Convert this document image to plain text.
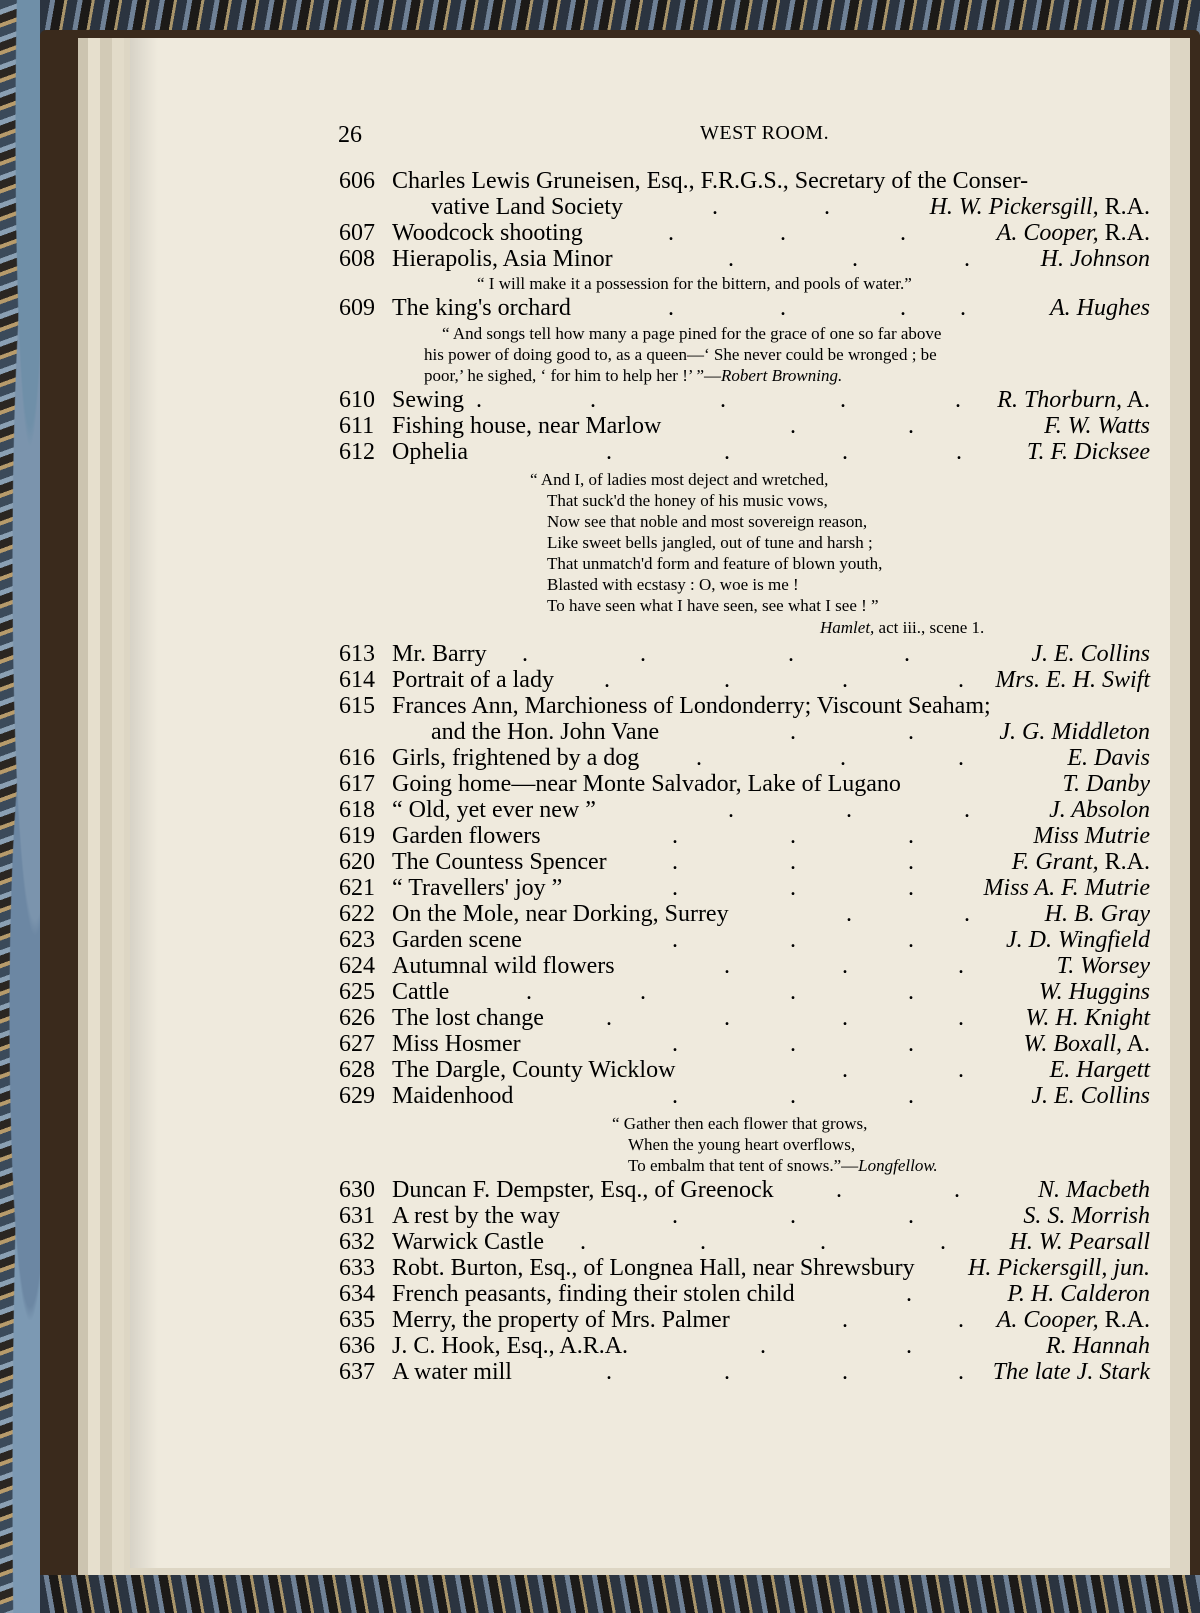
26	WEST ROOM.
606 Charles Lewis Gruneisen, Esq., F.R.G.S., Secretary of the Conser-
.	.
vative Land Society	H. W. Pickersgill, R.A.
.	.	.
607 Woodcock shooting	A. Cooper, R.A.
.	.	.
608 Hierapolis, Asia Minor	H. Johnson
“ I will make it a possession for the bittern, and pools of water.”
.	.	. .
609 The king's orchard	A. Hughes
“ And songs tell how many a page pined for the grace of one so far above
his power of doing good to, as a queen—‘ She never could be wronged ; be
poor,’ he sighed, ‘ for him to help her !’ ”—Robert Browning.
.	.	.	.	.
610 Sewing	R. Thorburn, A.
.	.
611 Fishing house, near Marlow	F. W. Watts
.	.	.	.
612 Ophelia	T. F. Dicksee
“ And I, of ladies most deject and wretched,
That suck'd the honey of his music vows,
Now see that noble and most sovereign reason,
Like sweet bells jangled, out of tune and harsh ;
That unmatch'd form and feature of blown youth,
Blasted with ecstasy : O, woe is me !
To have seen what I have seen, see what I see ! ”
Hamlet, act iii., scene 1.
.	.	.	.
613 Mr. Barry	J. E. Collins
.	.	.	.
614 Portrait of a lady	Mrs. E. H. Swift
615 Frances Ann, Marchioness of Londonderry; Viscount Seaham;
.	.
and the Hon. John Vane	J. G. Middleton
.	.	.
616 Girls, frightened by a dog	E. Davis
617 Going home—near Monte Salvador, Lake of Lugano	T. Danby
.	.	.
618 “ Old, yet ever new ”	J. Absolon
.	.	.
619 Garden flowers	Miss Mutrie
.	.	.
620 The Countess Spencer	F. Grant, R.A.
.	.	.
621 “ Travellers' joy ”	Miss A. F. Mutrie
.	.
622 On the Mole, near Dorking, Surrey	H. B. Gray
.	.	.
623 Garden scene	J. D. Wingfield
.	.	.
624 Autumnal wild flowers	T. Worsey
.	.	.	.
625 Cattle	W. Huggins
.	.	.	.
626 The lost change	W. H. Knight
.	.	.
627 Miss Hosmer	W. Boxall, A.
.	.
628 The Dargle, County Wicklow	E. Hargett
.	.	.
629 Maidenhood	J. E. Collins
“ Gather then each flower that grows,
When the young heart overflows,
To embalm that tent of snows.”—Longfellow.
.	.
630 Duncan F. Dempster, Esq., of Greenock	N. Macbeth
.	.	.
631 A rest by the way	S. S. Morrish
.	.	.	.
632 Warwick Castle	H. W. Pearsall
633 Robt. Burton, Esq., of Longnea Hall, near Shrewsbury H. Pickersgill, jun.
.
634 French peasants, finding their stolen child	P. H. Calderon
.	.
635 Merry, the property of Mrs. Palmer	A. Cooper, R.A.
.	.
636 J. C. Hook, Esq., A.R.A.	R. Hannah
.	.	.	.
637 A water mill	The late J. Stark
